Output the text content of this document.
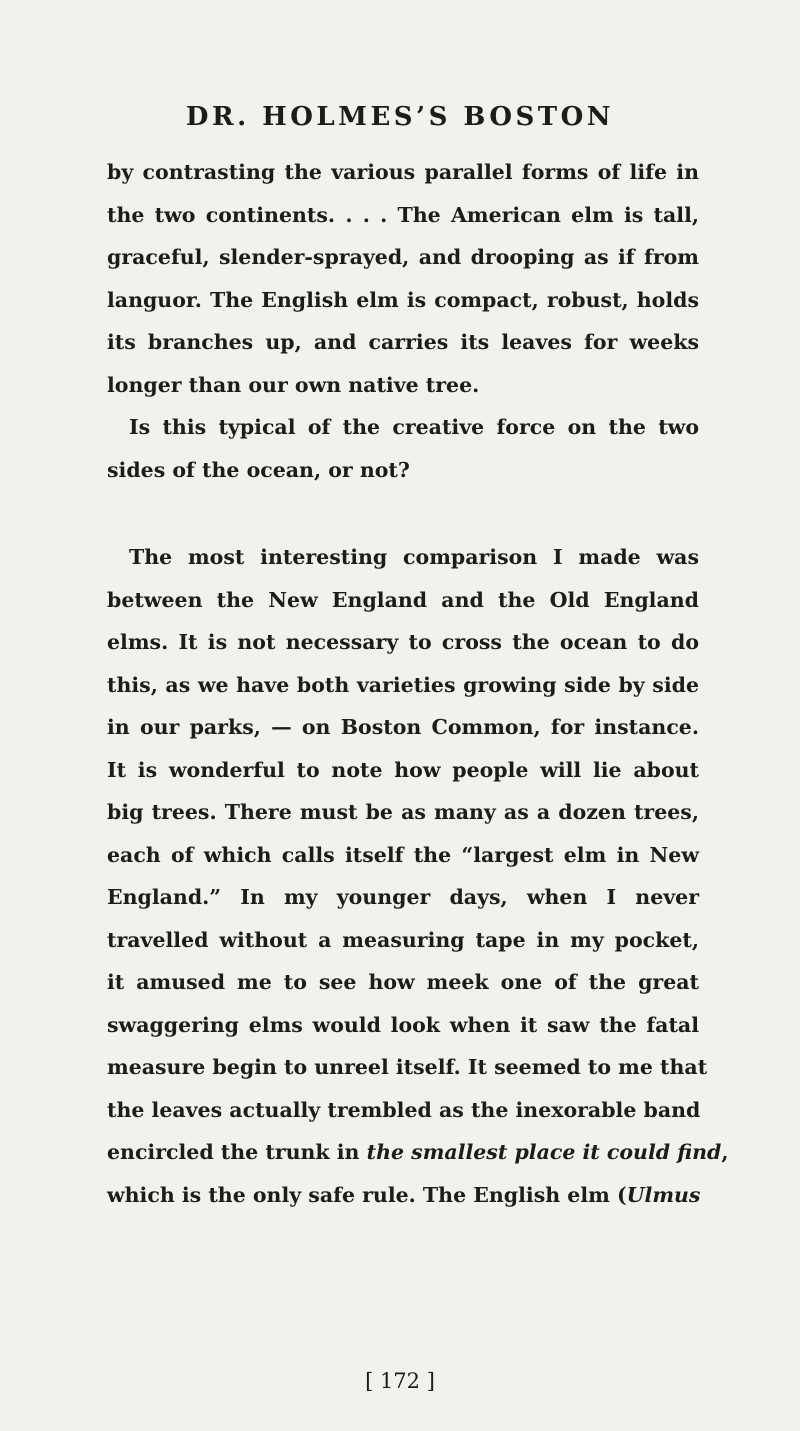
DR. HOLMES’S BOSTON
by contrasting the various parallel forms of life in
the two continents. . . . The American elm is tall,
graceful, slender-sprayed, and drooping as if from
languor. The English elm is compact, robust, holds
its branches up, and carries its leaves for weeks
longer than our own native tree.
Is this typical of the creative force on the two
sides of the ocean, or not?
The most interesting comparison I made was
between the New England and the Old England
elms. It is not necessary to cross the ocean to do
this, as we have both varieties growing side by side
in our parks, — on Boston Common, for instance.
It is wonderful to note how people will lie about
big trees. There must be as many as a dozen trees,
each of which calls itself the “largest elm in New
England.” In my younger days, when I never
travelled without a measuring tape in my pocket,
it amused me to see how meek one of the great
swaggering elms would look when it saw the fatal
measure begin to unreel itself. It seemed to me that
the leaves actually trembled as the inexorable band
encircled the trunk in the smallest place it could find,
which is the only safe rule. The English elm (Ulmus
[ 172 ]
